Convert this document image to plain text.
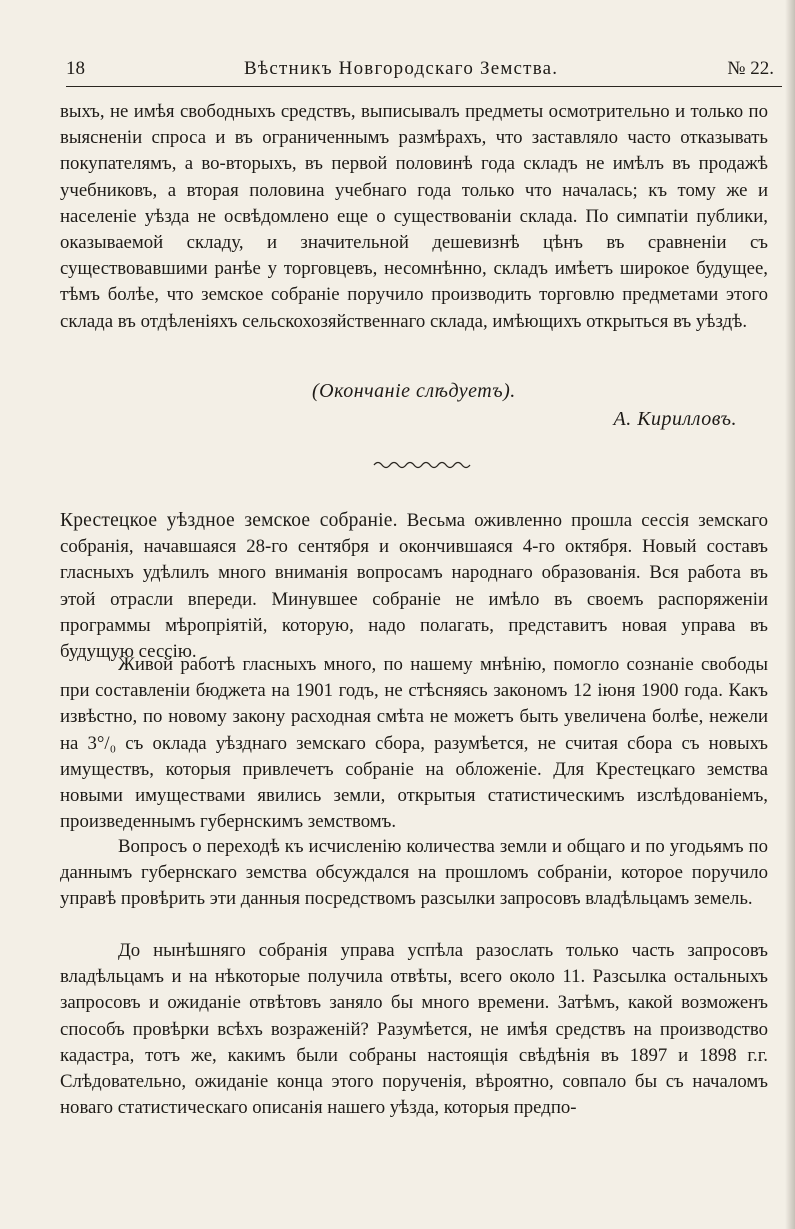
18	Вѣстникъ Новгородскаго Земства.	№ 22.

выхъ, не имѣя свободныхъ средствъ, выписывалъ предметы осмотрительно и только по выясненіи спроса и въ ограниченнымъ размѣрахъ, что заставляло часто отказывать покупателямъ, а во-вторыхъ, въ первой половинѣ года складъ не имѣлъ въ продажѣ учебниковъ, а вторая половина учебнаго года только что началась; къ тому же и населеніе уѣзда не освѣдомлено еще о существованіи склада. По симпатіи публики, оказываемой складу, и значительной дешевизнѣ цѣнъ въ сравненіи съ существовавшими ранѣе у торговцевъ, несомнѣнно, складъ имѣетъ широкое будущее, тѣмъ болѣе, что земское собраніе поручило производить торговлю предметами этого склада въ отдѣленіяхъ сельскохозяйственнаго склада, имѣющихъ открыться въ уѣздѣ.

(Окончаніе слѣдуетъ).
А. Кирилловъ.

Крестецкое уѣздное земское собраніе. Весьма оживленно прошла сессія земскаго собранія, начавшаяся 28-го сентября и окончившаяся 4-го октября. Новый составъ гласныхъ удѣлилъ много вниманія вопросамъ народнаго образованія. Вся работа въ этой отрасли впереди. Минувшее собраніе не имѣло въ своемъ распоряженіи программы мѣропріятій, которую, надо полагать, представитъ новая управа въ будущую сессію.

Живой работѣ гласныхъ много, по нашему мнѣнію, помогло сознаніе свободы при составленіи бюджета на 1901 годъ, не стѣсняясь закономъ 12 іюня 1900 года. Какъ извѣстно, по новому закону расходная смѣта не можетъ быть увеличена болѣе, нежели на 3°/₀ съ оклада уѣзднаго земскаго сбора, разумѣется, не считая сбора съ новыхъ имуществъ, которыя привлечетъ собраніе на обложеніе. Для Крестецкаго земства новыми имуществами явились земли, открытыя статистическимъ изслѣдованіемъ, произведеннымъ губернскимъ земствомъ.

Вопросъ о переходѣ къ исчисленію количества земли и общаго и по угодьямъ по даннымъ губернскаго земства обсуждался на прошломъ собраніи, которое поручило управѣ провѣрить эти данныя посредствомъ разсылки запросовъ владѣльцамъ земель.

До нынѣшняго собранія управа успѣла разослать только часть запросовъ владѣльцамъ и на нѣкоторые получила отвѣты, всего около 11. Разсылка остальныхъ запросовъ и ожиданіе отвѣтовъ заняло бы много времени. Затѣмъ, какой возможенъ способъ провѣрки всѣхъ возраженій? Разумѣется, не имѣя средствъ на производство кадастра, тотъ же, какимъ были собраны настоящія свѣдѣнія въ 1897 и 1898 г.г. Слѣдовательно, ожиданіе конца этого порученія, вѣроятно, совпало бы съ началомъ новаго статистическаго описанія нашего уѣзда, которыя предпо-
